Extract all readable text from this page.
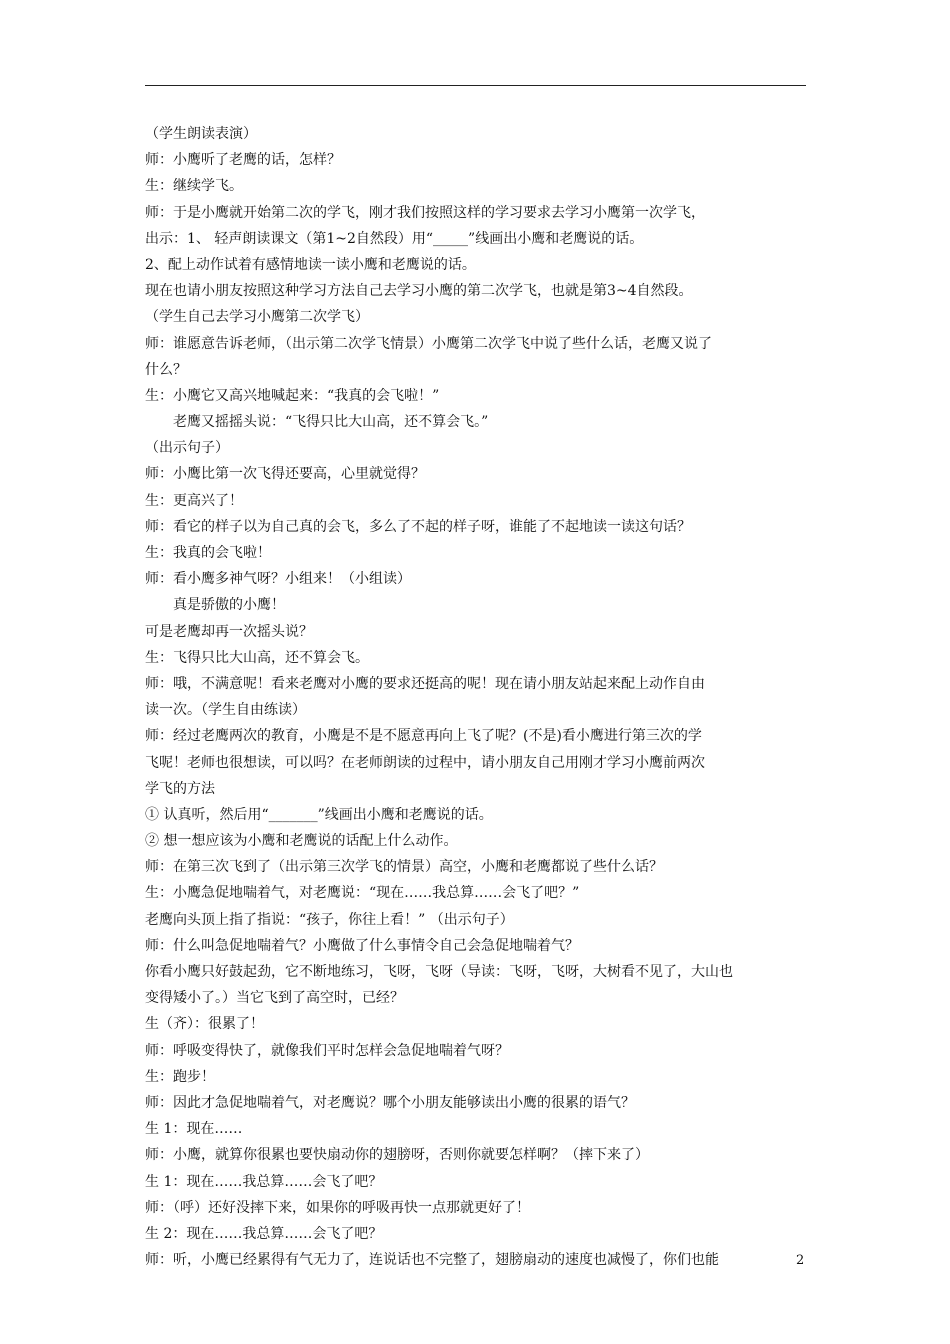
（学生朗读表演）
师：小鹰听了老鹰的话，怎样？
生：继续学飞。
师：于是小鹰就开始第二次的学飞，刚才我们按照这样的学习要求去学习小鹰第一次学飞，
出示：1、 轻声朗读课文（第1~2自然段）用“_____”线画出小鹰和老鹰说的话。
2、配上动作试着有感情地读一读小鹰和老鹰说的话。
现在也请小朋友按照这种学习方法自己去学习小鹰的第二次学飞，也就是第3~4自然段。
（学生自己去学习小鹰第二次学飞）
师：谁愿意告诉老师，（出示第二次学飞情景）小鹰第二次学飞中说了些什么话，老鹰又说了
什么？
生：小鹰它又高兴地喊起来：“我真的会飞啦！”
老鹰又摇摇头说：“飞得只比大山高，还不算会飞。”
（出示句子）
师：小鹰比第一次飞得还要高，心里就觉得？
生：更高兴了！
师：看它的样子以为自己真的会飞，多么了不起的样子呀，谁能了不起地读一读这句话？
生：我真的会飞啦！
师：看小鹰多神气呀？小组来！（小组读）
真是骄傲的小鹰！
可是老鹰却再一次摇头说？
生：飞得只比大山高，还不算会飞。
师：哦，不满意呢！看来老鹰对小鹰的要求还挺高的呢！现在请小朋友站起来配上动作自由
读一次。（学生自由练读）
师：经过老鹰两次的教育，小鹰是不是不愿意再向上飞了呢？(不是)看小鹰进行第三次的学
飞呢！老师也很想读，可以吗？在老师朗读的过程中，请小朋友自己用刚才学习小鹰前两次
学飞的方法
① 认真听，然后用“_______”线画出小鹰和老鹰说的话。
② 想一想应该为小鹰和老鹰说的话配上什么动作。
师：在第三次飞到了（出示第三次学飞的情景）高空，小鹰和老鹰都说了些什么话？
生：小鹰急促地喘着气，对老鹰说：“现在……我总算……会飞了吧？”
老鹰向头顶上指了指说：“孩子，你往上看！” （出示句子）
师：什么叫急促地喘着气？小鹰做了什么事情令自己会急促地喘着气？
你看小鹰只好鼓起劲，它不断地练习，飞呀，飞呀（导读：飞呀，飞呀，大树看不见了，大山也
变得矮小了。）当它飞到了高空时，已经？
生（齐）：很累了！
师：呼吸变得快了，就像我们平时怎样会急促地喘着气呀？
生：跑步！
师：因此才急促地喘着气，对老鹰说？哪个小朋友能够读出小鹰的很累的语气？
生 1：现在……
师：小鹰，就算你很累也要快扇动你的翅膀呀，否则你就要怎样啊？（摔下来了）
生 1：现在……我总算……会飞了吧？
师：（呼）还好没摔下来，如果你的呼吸再快一点那就更好了！
生 2：现在……我总算……会飞了吧？
师：听，小鹰已经累得有气无力了，连说话也不完整了，翅膀扇动的速度也减慢了，你们也能	2
